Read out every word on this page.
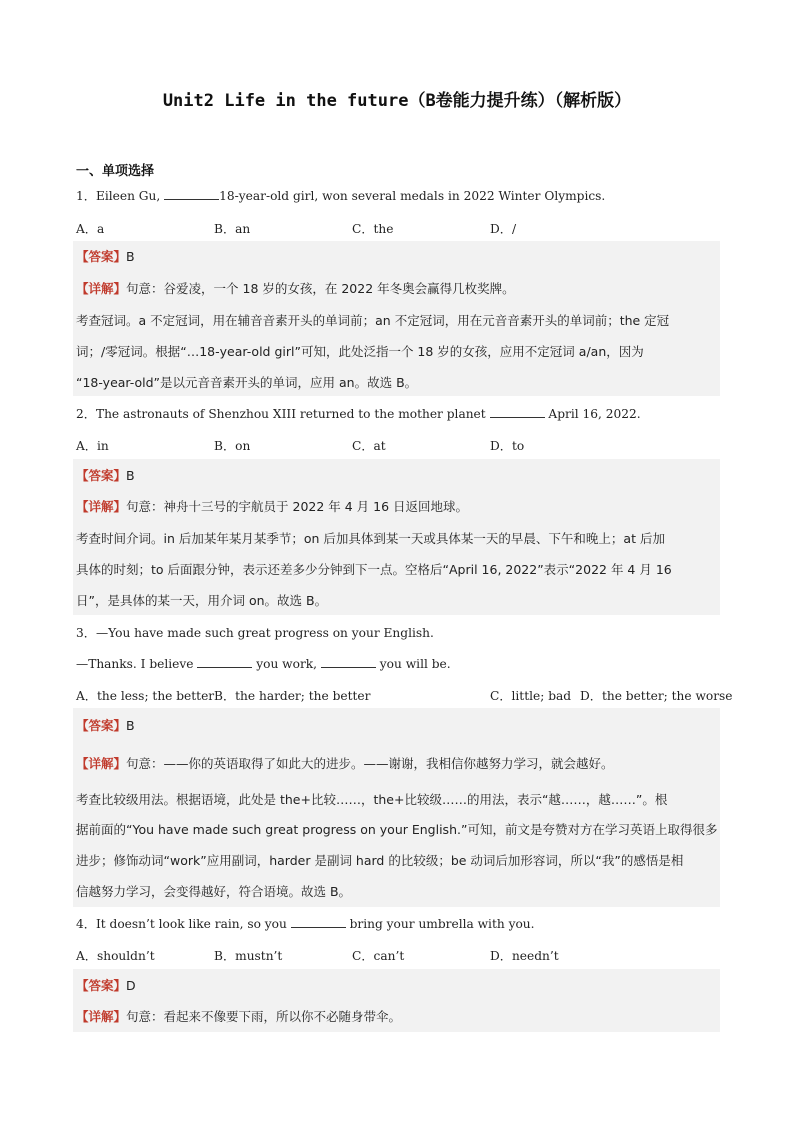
Unit2 Life in the future（B卷能力提升练）（解析版）
一、单项选择
1．Eileen Gu,	18-year-old girl, won several medals in 2022 Winter Olympics.
A．a	B．an	C．the	D．/
【答案】B
【详解】句意：谷爱凌，一个 18 岁的女孩，在 2022 年冬奥会赢得几枚奖牌。
考查冠词。a 不定冠词，用在辅音音素开头的单词前；an 不定冠词，用在元音音素开头的单词前；the 定冠
词；/零冠词。根据“…18-year-old girl”可知，此处泛指一个 18 岁的女孩，应用不定冠词 a/an，因为
“18-year-old”是以元音音素开头的单词，应用 an。故选 B。
2．The astronauts of Shenzhou XIII returned to the mother planet	April 16, 2022.
A．in	B．on	C．at	D．to
【答案】B
【详解】句意：神舟十三号的宇航员于 2022 年 4 月 16 日返回地球。
考查时间介词。in 后加某年某月某季节；on 后加具体到某一天或具体某一天的早晨、下午和晚上；at 后加
具体的时刻；to 后面跟分钟，表示还差多少分钟到下一点。空格后“April 16, 2022”表示“2022 年 4 月 16
日”，是具体的某一天，用介词 on。故选 B。
3．—You have made such great progress on your English.
—Thanks. I believe	you work,	you will be.
A．the less; the better B．the harder; the better	C．little; bad D．the better; the worse
【答案】B
【详解】句意：——你的英语取得了如此大的进步。——谢谢，我相信你越努力学习，就会越好。
考查比较级用法。根据语境，此处是 the+比较……，the+比较级……的用法，表示“越……，越……”。根
据前面的“You have made such great progress on your English.”可知，前文是夸赞对方在学习英语上取得很多
进步；修饰动词“work”应用副词，harder 是副词 hard 的比较级；be 动词后加形容词，所以“我”的感悟是相
信越努力学习，会变得越好，符合语境。故选 B。
4．It doesn’t look like rain, so you	bring your umbrella with you.
A．shouldn’t	B．mustn’t	C．can’t	D．needn’t
【答案】D
【详解】句意：看起来不像要下雨，所以你不必随身带伞。
